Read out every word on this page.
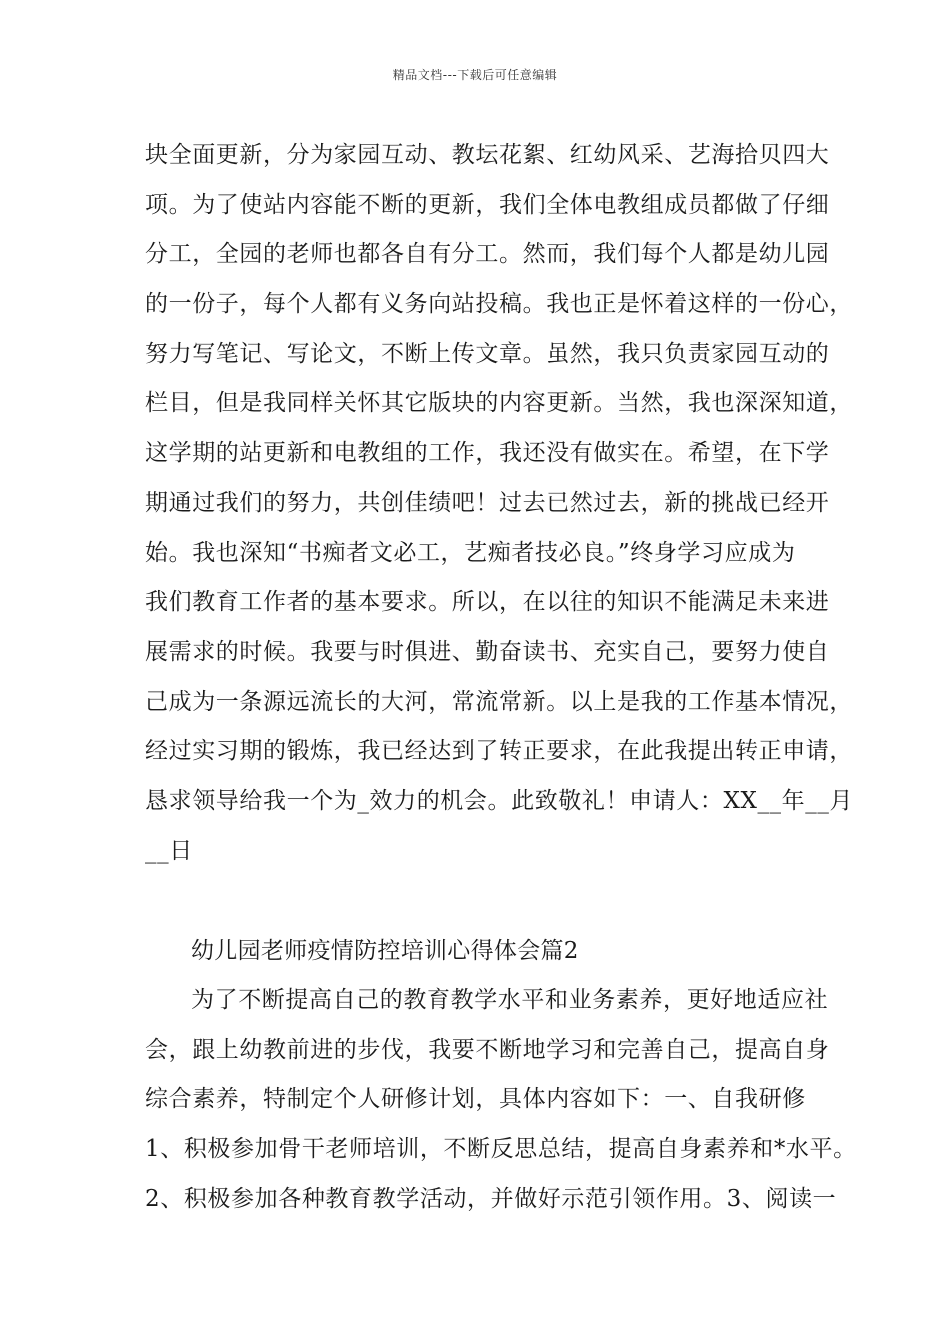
精品文档---下载后可任意编辑
块全面更新，分为家园互动、教坛花絮、红幼风采、艺海拾贝四大
项。为了使站内容能不断的更新，我们全体电教组成员都做了仔细
分工，全园的老师也都各自有分工。然而，我们每个人都是幼儿园
的一份子，每个人都有义务向站投稿。我也正是怀着这样的一份心，
努力写笔记、写论文，不断上传文章。虽然，我只负责家园互动的
栏目，但是我同样关怀其它版块的内容更新。当然，我也深深知道，
这学期的站更新和电教组的工作，我还没有做实在。希望，在下学
期通过我们的努力，共创佳绩吧！过去已然过去，新的挑战已经开
始。我也深知“书痴者文必工，艺痴者技必良。”终身学习应成为
我们教育工作者的基本要求。所以，在以往的知识不能满足未来进
展需求的时候。我要与时俱进、勤奋读书、充实自己，要努力使自
己成为一条源远流长的大河，常流常新。以上是我的工作基本情况，
经过实习期的锻炼，我已经达到了转正要求，在此我提出转正申请，
恳求领导给我一个为_效力的机会。此致敬礼！申请人：XX__年__月
__日
幼儿园老师疫情防控培训心得体会篇2
为了不断提高自己的教育教学水平和业务素养，更好地适应社
会，跟上幼教前进的步伐，我要不断地学习和完善自己，提高自身
综合素养，特制定个人研修计划，具体内容如下：一、自我研修
1、积极参加骨干老师培训，不断反思总结，提高自身素养和*水平。
2、积极参加各种教育教学活动，并做好示范引领作用。3、阅读一
